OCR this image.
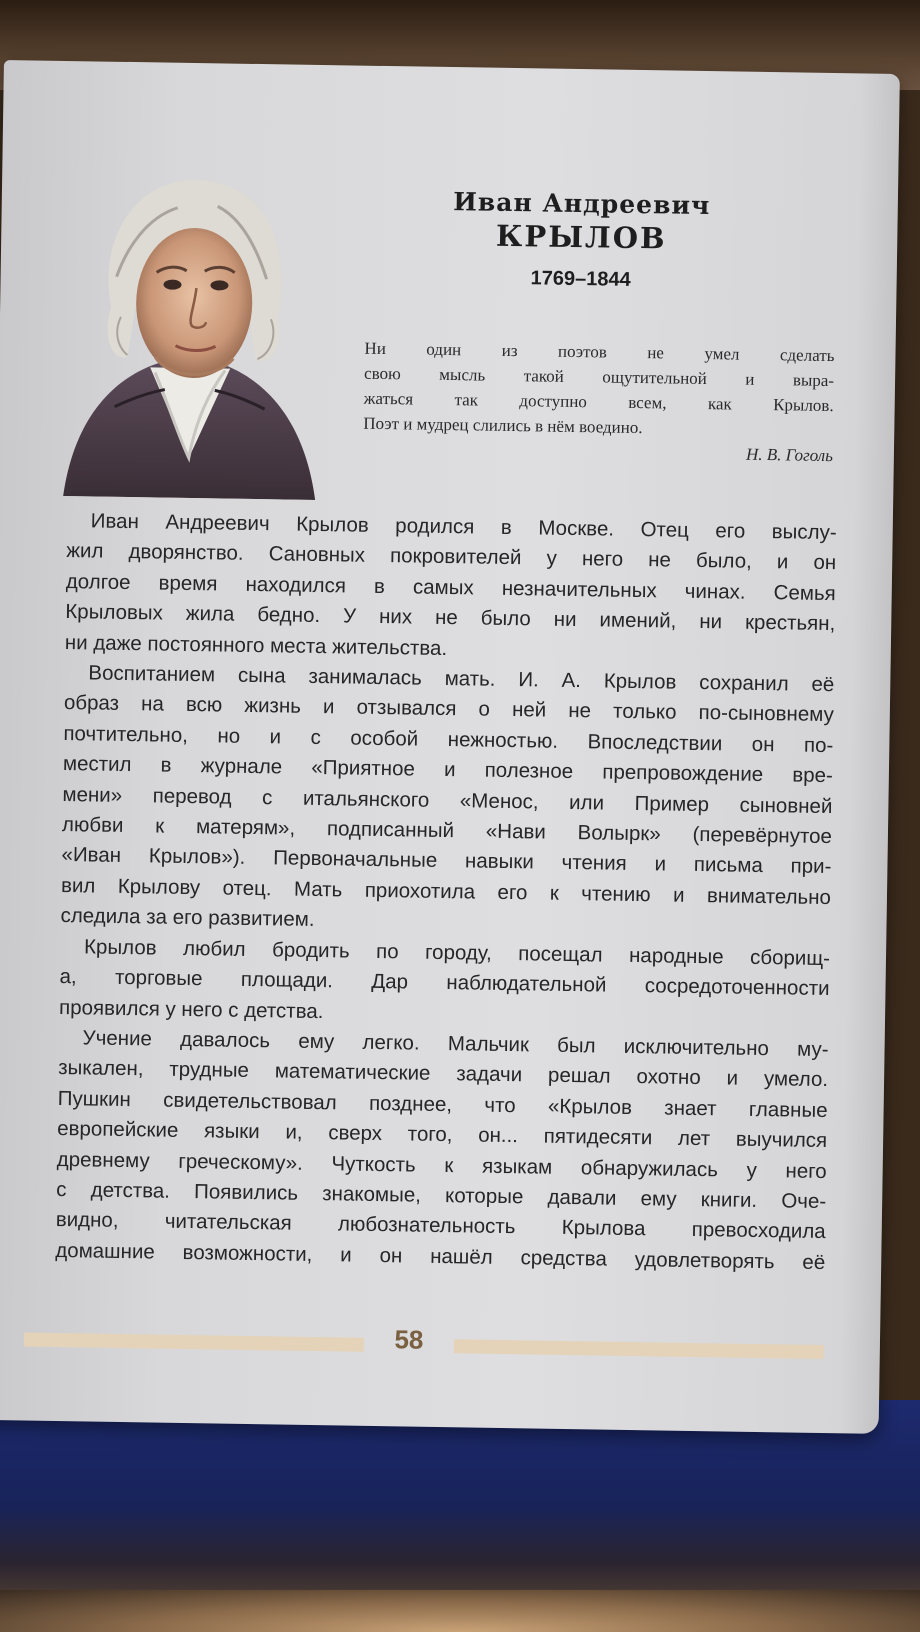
Иван Андреевич
КРЫЛОВ
1769–1844
Ни один из поэтов не умел сделать
свою мысль такой ощутительной и выра-
жаться так доступно всем, как Крылов.
Поэт и мудрец слились в нём воедино.
Н. В. Гоголь
Иван Андреевич Крылов родился в Москве. Отец его выслу-
жил дворянство. Сановных покровителей у него не было, и он
долгое время находился в самых незначительных чинах. Семья
Крыловых жила бедно. У них не было ни имений, ни крестьян,
ни даже постоянного места жительства.
Воспитанием сына занималась мать. И. А. Крылов сохранил её
образ на всю жизнь и отзывался о ней не только по-сыновнему
почтительно, но и с особой нежностью. Впоследствии он по-
местил в журнале «Приятное и полезное препровождение вре-
мени» перевод с итальянского «Менос, или Пример сыновней
любви к матерям», подписанный «Нави Волырк» (перевёрнутое
«Иван Крылов»). Первоначальные навыки чтения и письма при-
вил Крылову отец. Мать приохотила его к чтению и внимательно
следила за его развитием.
Крылов любил бродить по городу, посещал народные сборищ-
а, торговые площади. Дар наблюдательной сосредоточенности
проявился у него с детства.
Учение давалось ему легко. Мальчик был исключительно му-
зыкален, трудные математические задачи решал охотно и умело.
Пушкин свидетельствовал позднее, что «Крылов знает главные
европейские языки и, сверх того, он... пятидесяти лет выучился
древнему греческому». Чуткость к языкам обнаружилась у него
с детства. Появились знакомые, которые давали ему книги. Оче-
видно, читательская любознательность Крылова превосходила
домашние возможности, и он нашёл средства удовлетворять её
58
